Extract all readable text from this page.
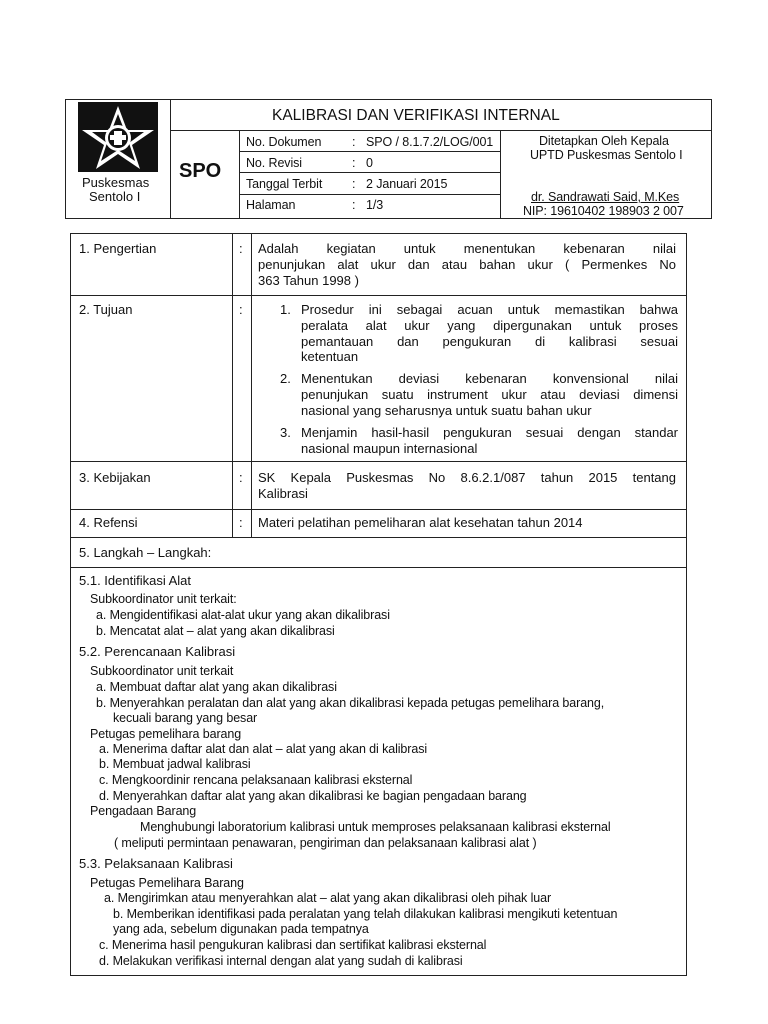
Puskesmas
Sentolo I
KALIBRASI DAN VERIFIKASI INTERNAL
SPO
No. Dokumen : SPO / 8.1.7.2/LOG/001
No. Revisi	: 0
Tanggal Terbit : 2 Januari 2015
Halaman	: 1/3
Ditetapkan Oleh Kepala
UPTD Puskesmas Sentolo I
dr. Sandrawati Said, M.Kes
NIP: 19610402 198903 2 007
1. Pengertian	: Adalah kegiatan untuk menentukan kebenaran nilai
penunjukan alat ukur dan atau bahan ukur ( Permenkes No
363 Tahun 1998 )
2. Tujuan	:	1. Prosedur ini sebagai acuan untuk memastikan bahwa
peralata alat ukur yang dipergunakan untuk proses
pemantauan dan pengukuran di kalibrasi sesuai
ketentuan
2. Menentukan deviasi kebenaran konvensional nilai
penunjukan suatu instrument ukur atau deviasi dimensi
nasional yang seharusnya untuk suatu bahan ukur
3. Menjamin hasil-hasil pengukuran sesuai dengan standar
nasional maupun internasional
3. Kebijakan	: SK Kepala Puskesmas No 8.6.2.1/087 tahun 2015 tentang
Kalibrasi
4. Refensi	: Materi pelatihan pemeliharan alat kesehatan tahun 2014
5. Langkah – Langkah:
5.1. Identifikasi Alat
Subkoordinator unit terkait:
a. Mengidentifikasi alat-alat ukur yang akan dikalibrasi
b. Mencatat alat – alat yang akan dikalibrasi
5.2. Perencanaan Kalibrasi
Subkoordinator unit terkait
a. Membuat daftar alat yang akan dikalibrasi
b. Menyerahkan peralatan dan alat yang akan dikalibrasi kepada petugas pemelihara barang,
kecuali barang yang besar
Petugas pemelihara barang
a. Menerima daftar alat dan alat – alat yang akan di kalibrasi
b. Membuat jadwal kalibrasi
c. Mengkoordinir rencana pelaksanaan kalibrasi eksternal
d. Menyerahkan daftar alat yang akan dikalibrasi ke bagian pengadaan barang
Pengadaan Barang
Menghubungi laboratorium kalibrasi untuk memproses pelaksanaan kalibrasi eksternal
( meliputi permintaan penawaran, pengiriman dan pelaksanaan kalibrasi alat )
5.3. Pelaksanaan Kalibrasi
Petugas Pemelihara Barang
a. Mengirimkan atau menyerahkan alat – alat yang akan dikalibrasi oleh pihak luar
b. Memberikan identifikasi pada peralatan yang telah dilakukan kalibrasi mengikuti ketentuan
yang ada, sebelum digunakan pada tempatnya
c. Menerima hasil pengukuran kalibrasi dan sertifikat kalibrasi eksternal
d. Melakukan verifikasi internal dengan alat yang sudah di kalibrasi
